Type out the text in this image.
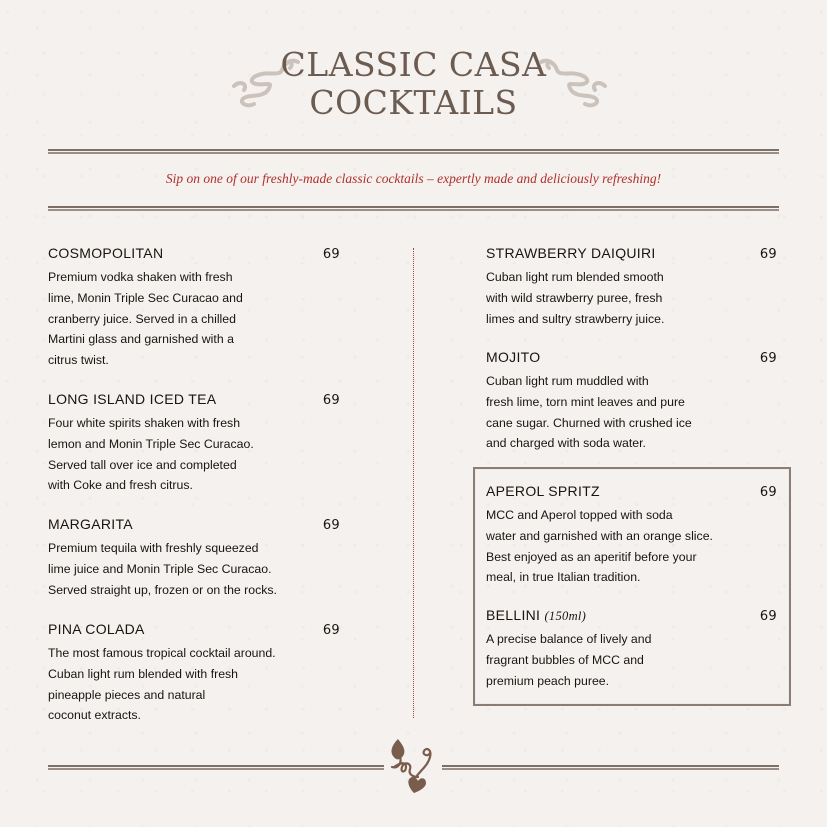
CLASSIC CASA
COCKTAILS
Sip on one of our freshly-made classic cocktails – expertly made and deliciously refreshing!
COSMOPOLITAN	69
Premium vodka shaken with fresh
lime, Monin Triple Sec Curacao and
cranberry juice. Served in a chilled
Martini glass and garnished with a
citrus twist.
LONG ISLAND ICED TEA	69
Four white spirits shaken with fresh
lemon and Monin Triple Sec Curacao.
Served tall over ice and completed
with Coke and fresh citrus.
MARGARITA	69
Premium tequila with freshly squeezed
lime juice and Monin Triple Sec Curacao.
Served straight up, frozen or on the rocks.
PINA COLADA	69
The most famous tropical cocktail around.
Cuban light rum blended with fresh
pineapple pieces and natural
coconut extracts.
STRAWBERRY DAIQUIRI	69
Cuban light rum blended smooth
with wild strawberry puree, fresh
limes and sultry strawberry juice.
MOJITO	69
Cuban light rum muddled with
fresh lime, torn mint leaves and pure
cane sugar. Churned with crushed ice
and charged with soda water.
APEROL SPRITZ	69
MCC and Aperol topped with soda
water and garnished with an orange slice.
Best enjoyed as an aperitif before your
meal, in true Italian tradition.
BELLINI (150ml)	69
A precise balance of lively and
fragrant bubbles of MCC and
premium peach puree.
